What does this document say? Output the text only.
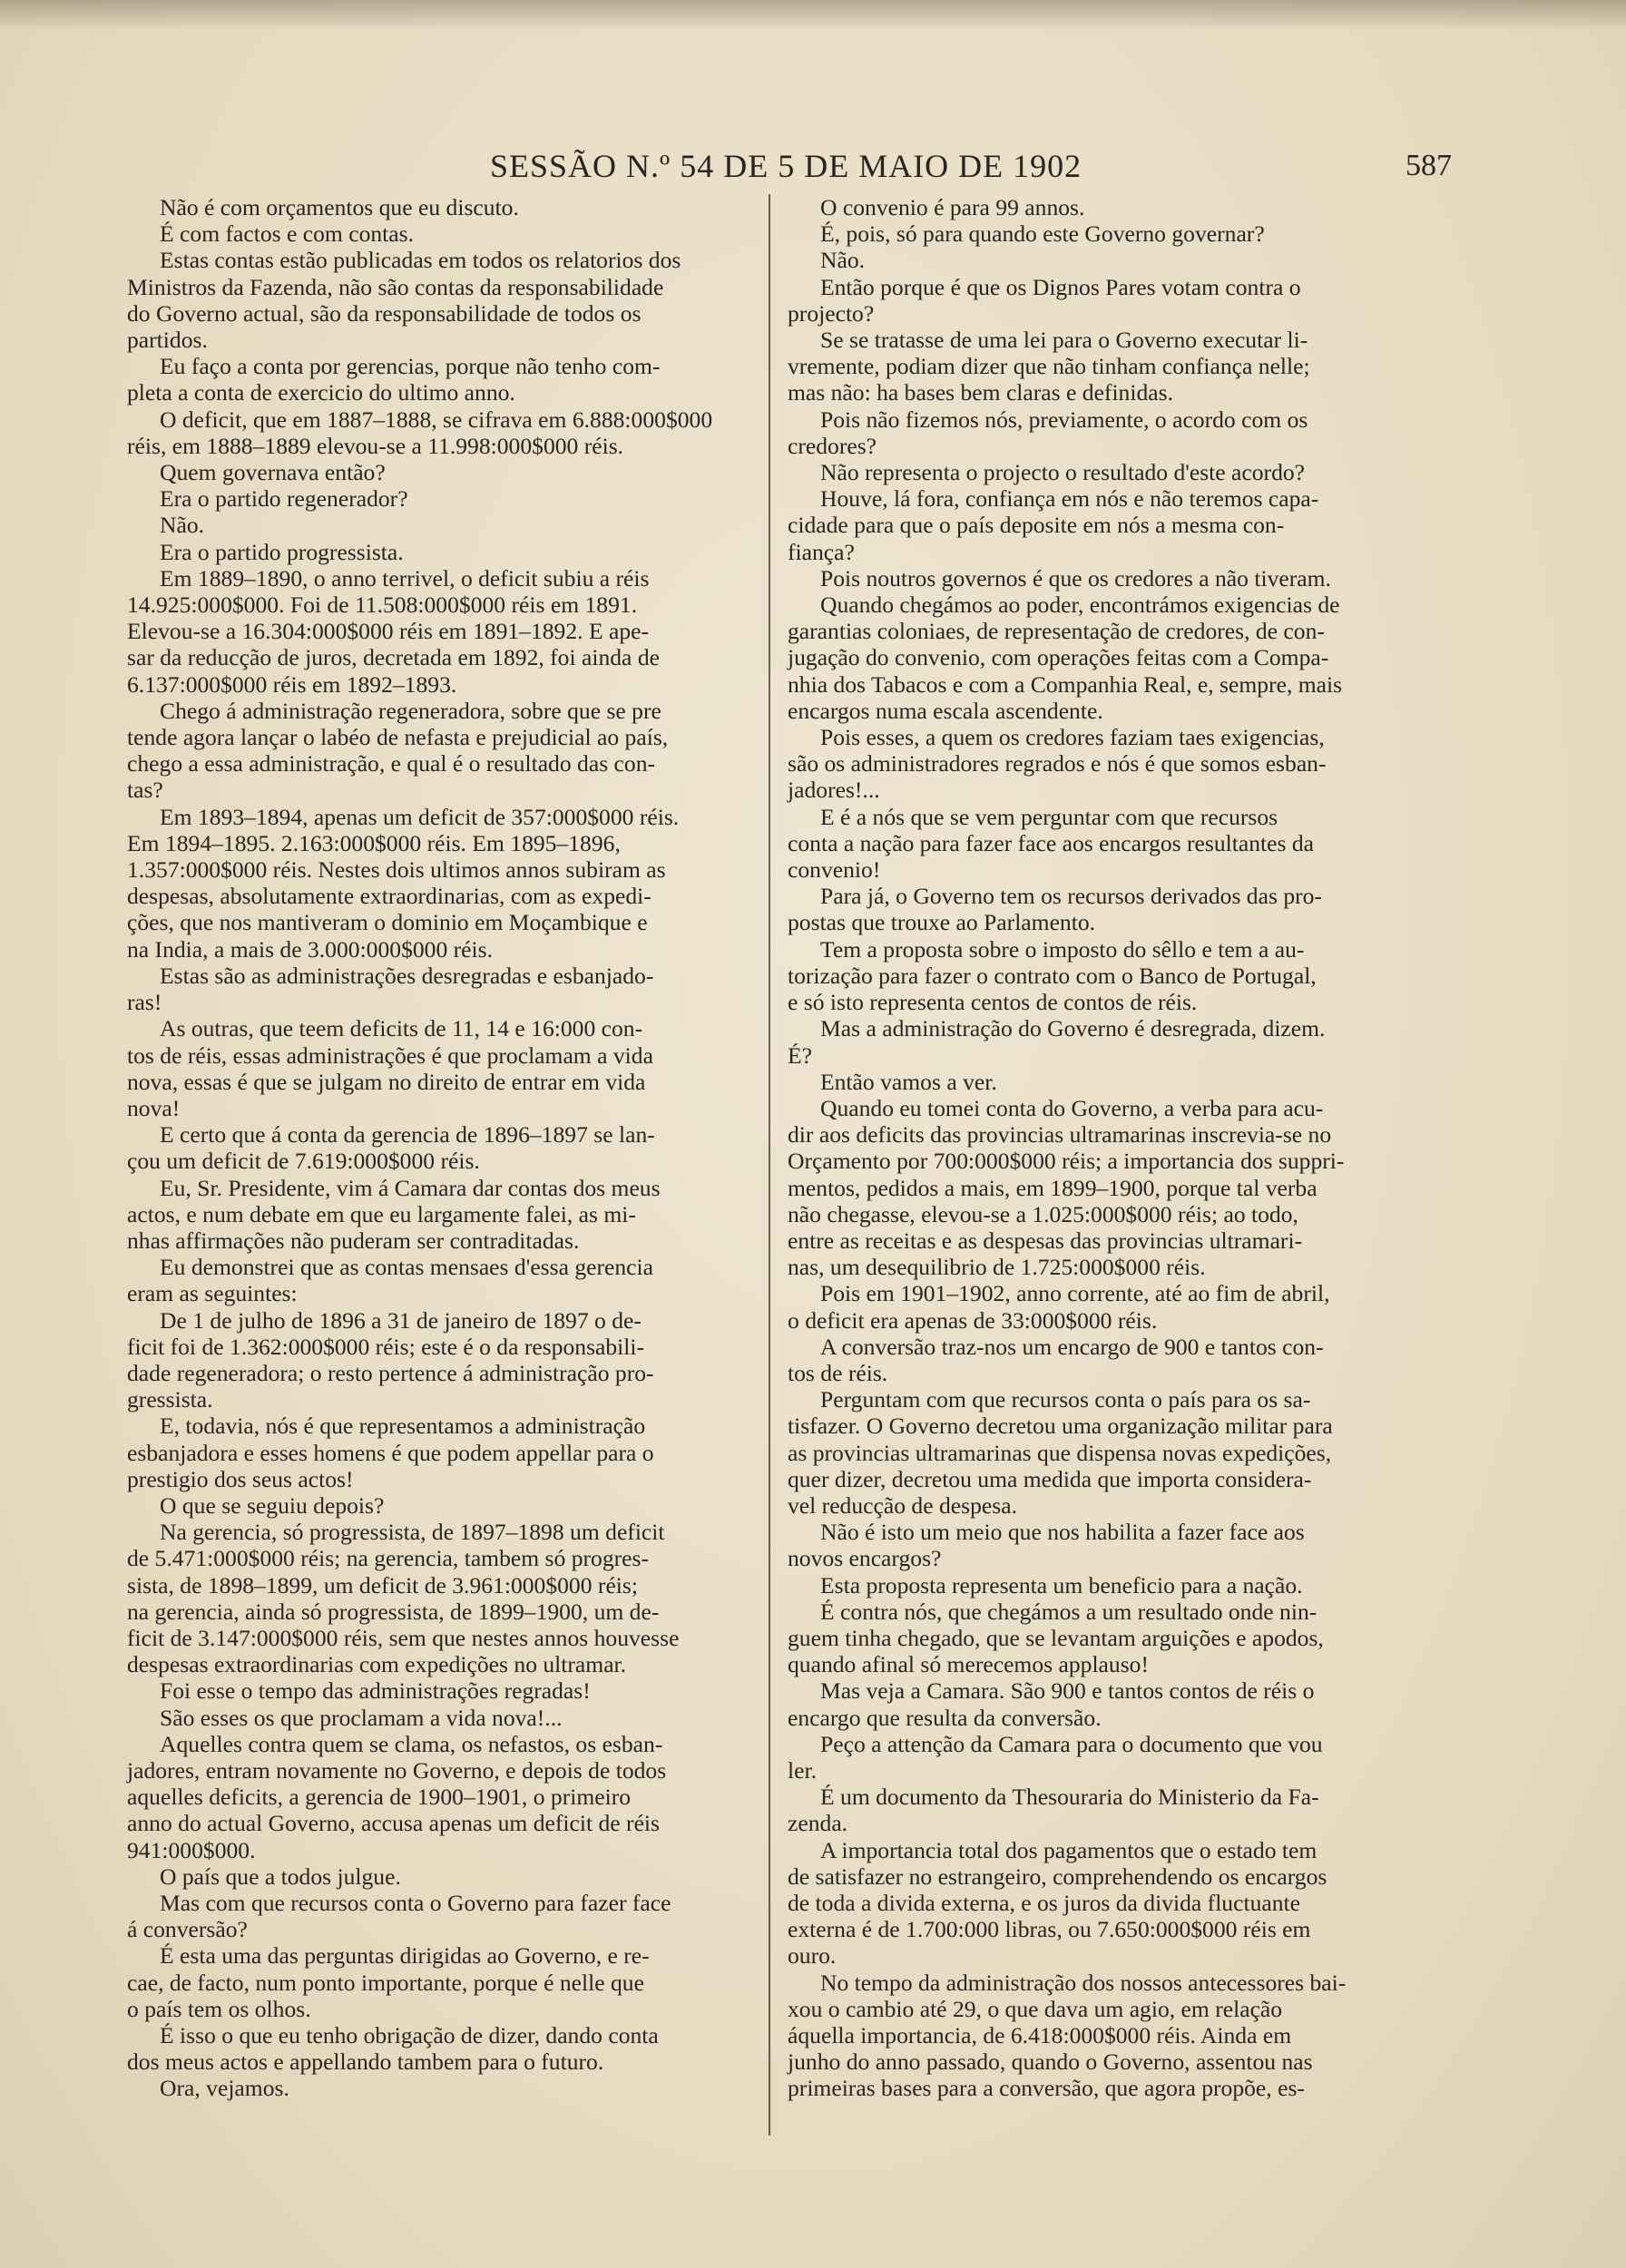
SESSÃO N.º 54 DE 5 DE MAIO DE 1902	587

Não é com orçamentos que eu discuto.

É com factos e com contas.

Estas contas estão publicadas em todos os relatorios dos
Ministros da Fazenda, não são contas da responsabilidade
do Governo actual, são da responsabilidade de todos os
partidos.

Eu faço a conta por gerencias, porque não tenho com-
pleta a conta de exercicio do ultimo anno.

O deficit, que em 1887–1888, se cifrava em 6.888:000$000
réis, em 1888–1889 elevou-se a 11.998:000$000 réis.

Quem governava então?

Era o partido regenerador?

Não.

Era o partido progressista.

Em 1889–1890, o anno terrivel, o deficit subiu a réis
14.925:000$000. Foi de 11.508:000$000 réis em 1891.
Elevou-se a 16.304:000$000 réis em 1891–1892. E ape-
sar da reducção de juros, decretada em 1892, foi ainda de
6.137:000$000 réis em 1892–1893.

Chego á administração regeneradora, sobre que se pre
tende agora lançar o labéo de nefasta e prejudicial ao país,
chego a essa administração, e qual é o resultado das con-
tas?

Em 1893–1894, apenas um deficit de 357:000$000 réis.
Em 1894–1895. 2.163:000$000 réis. Em 1895–1896,
1.357:000$000 réis. Nestes dois ultimos annos subiram as
despesas, absolutamente extraordinarias, com as expedi-
ções, que nos mantiveram o dominio em Moçambique e
na India, a mais de 3.000:000$000 réis.

Estas são as administrações desregradas e esbanjado-
ras!

As outras, que teem deficits de 11, 14 e 16:000 con-
tos de réis, essas administrações é que proclamam a vida
nova, essas é que se julgam no direito de entrar em vida
nova!

E certo que á conta da gerencia de 1896–1897 se lan-
çou um deficit de 7.619:000$000 réis.

Eu, Sr. Presidente, vim á Camara dar contas dos meus
actos, e num debate em que eu largamente falei, as mi-
nhas affirmações não puderam ser contraditadas.

Eu demonstrei que as contas mensaes d'essa gerencia
eram as seguintes:

De 1 de julho de 1896 a 31 de janeiro de 1897 o de-
ficit foi de 1.362:000$000 réis; este é o da responsabili-
dade regeneradora; o resto pertence á administração pro-
gressista.

E, todavia, nós é que representamos a administração
esbanjadora e esses homens é que podem appellar para o
prestigio dos seus actos!

O que se seguiu depois?

Na gerencia, só progressista, de 1897–1898 um deficit
de 5.471:000$000 réis; na gerencia, tambem só progres-
sista, de 1898–1899, um deficit de 3.961:000$000 réis;
na gerencia, ainda só progressista, de 1899–1900, um de-
ficit de 3.147:000$000 réis, sem que nestes annos houvesse
despesas extraordinarias com expedições no ultramar.

Foi esse o tempo das administrações regradas!

São esses os que proclamam a vida nova!...

Aquelles contra quem se clama, os nefastos, os esban-
jadores, entram novamente no Governo, e depois de todos
aquelles deficits, a gerencia de 1900–1901, o primeiro
anno do actual Governo, accusa apenas um deficit de réis
941:000$000.

O país que a todos julgue.

Mas com que recursos conta o Governo para fazer face
á conversão?

É esta uma das perguntas dirigidas ao Governo, e re-
cae, de facto, num ponto importante, porque é nelle que
o país tem os olhos.

É isso o que eu tenho obrigação de dizer, dando conta
dos meus actos e appellando tambem para o futuro.

Ora, vejamos.

O convenio é para 99 annos.

É, pois, só para quando este Governo governar?

Não.

Então porque é que os Dignos Pares votam contra o
projecto?

Se se tratasse de uma lei para o Governo executar li-
vremente, podiam dizer que não tinham confiança nelle;
mas não: ha bases bem claras e definidas.

Pois não fizemos nós, previamente, o acordo com os
credores?

Não representa o projecto o resultado d'este acordo?

Houve, lá fora, confiança em nós e não teremos capa-
cidade para que o país deposite em nós a mesma con-
fiança?

Pois noutros governos é que os credores a não tiveram.

Quando chegámos ao poder, encontrámos exigencias de
garantias coloniaes, de representação de credores, de con-
jugação do convenio, com operações feitas com a Compa-
nhia dos Tabacos e com a Companhia Real, e, sempre, mais
encargos numa escala ascendente.

Pois esses, a quem os credores faziam taes exigencias,
são os administradores regrados e nós é que somos esban-
jadores!...

E é a nós que se vem perguntar com que recursos
conta a nação para fazer face aos encargos resultantes da
convenio!

Para já, o Governo tem os recursos derivados das pro-
postas que trouxe ao Parlamento.

Tem a proposta sobre o imposto do sêllo e tem a au-
torização para fazer o contrato com o Banco de Portugal,
e só isto representa centos de contos de réis.

Mas a administração do Governo é desregrada, dizem.
É?

Então vamos a ver.

Quando eu tomei conta do Governo, a verba para acu-
dir aos deficits das provincias ultramarinas inscrevia-se no
Orçamento por 700:000$000 réis; a importancia dos suppri-
mentos, pedidos a mais, em 1899–1900, porque tal verba
não chegasse, elevou-se a 1.025:000$000 réis; ao todo,
entre as receitas e as despesas das provincias ultramari-
nas, um desequilibrio de 1.725:000$000 réis.

Pois em 1901–1902, anno corrente, até ao fim de abril,
o deficit era apenas de 33:000$000 réis.

A conversão traz-nos um encargo de 900 e tantos con-
tos de réis.

Perguntam com que recursos conta o país para os sa-
tisfazer. O Governo decretou uma organização militar para
as provincias ultramarinas que dispensa novas expedições,
quer dizer, decretou uma medida que importa considera-
vel reducção de despesa.

Não é isto um meio que nos habilita a fazer face aos
novos encargos?

Esta proposta representa um beneficio para a nação.

É contra nós, que chegámos a um resultado onde nin-
guem tinha chegado, que se levantam arguições e apodos,
quando afinal só merecemos applauso!

Mas veja a Camara. São 900 e tantos contos de réis o
encargo que resulta da conversão.

Peço a attenção da Camara para o documento que vou
ler.

É um documento da Thesouraria do Ministerio da Fa-
zenda.

A importancia total dos pagamentos que o estado tem
de satisfazer no estrangeiro, comprehendendo os encargos
de toda a divida externa, e os juros da divida fluctuante
externa é de 1.700:000 libras, ou 7.650:000$000 réis em
ouro.

No tempo da administração dos nossos antecessores bai-
xou o cambio até 29, o que dava um agio, em relação
áquella importancia, de 6.418:000$000 réis. Ainda em
junho do anno passado, quando o Governo, assentou nas
primeiras bases para a conversão, que agora propõe, es-
